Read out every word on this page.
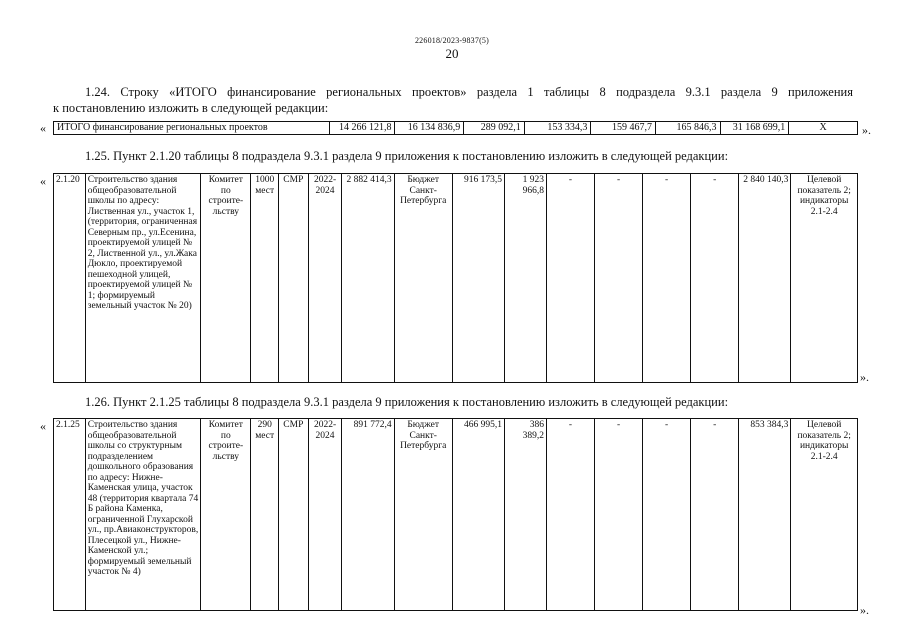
226018/2023-9837(5)
20
1.24. Строку «ИТОГО финансирование региональных проектов» раздела 1 таблицы 8 подраздела 9.3.1 раздела 9 приложения
к постановлению изложить в следующей редакции:
« ИТОГО финансирование региональных проектов	14 266 121,8	16 134 836,9	289 092,1	153 334,3	159 467,7	165 846,3	31 168 699,1	X	».
1.25. Пункт 2.1.20 таблицы 8 подраздела 9.3.1 раздела 9 приложения к постановлению изложить в следующей редакции:
« 2.1.20	Строительство здания общеобразовательной школы по адресу: Лиственная ул., участок 1, (территория, ограниченная Северным пр., ул.Есенина, проектируемой улицей № 2, Лиственной ул., ул.Жака Дюкло, проектируемой пешеходной улицей, проектируемой улицей № 1; формируемый земельный участок № 20)	Комитет по строите-льству	1000 мест	СМР	2022-2024	2 882 414,3	Бюджет Санкт-Петербурга	916 173,5	1 923 966,8	-	-	-	-	2 840 140,3	Целевой показатель 2; индикаторы 2.1-2.4
».
1.26. Пункт 2.1.25 таблицы 8 подраздела 9.3.1 раздела 9 приложения к постановлению изложить в следующей редакции:
« 2.1.25	Строительство здания общеобразовательной школы со структурным подразделением дошкольного образования по адресу: Нижне-Каменская улица, участок 48 (территория квартала 74 Б района Каменка, ограниченной Глухарской ул., пр.Авиаконструкторов, Плесецкой ул., Нижне-Каменской ул.; формируемый земельный участок № 4)	Комитет по строите-льству	290 мест	СМР	2022-2024	891 772,4	Бюджет Санкт-Петербурга	466 995,1	386 389,2	-	-	-	-	853 384,3	Целевой показатель 2; индикаторы 2.1-2.4
».
